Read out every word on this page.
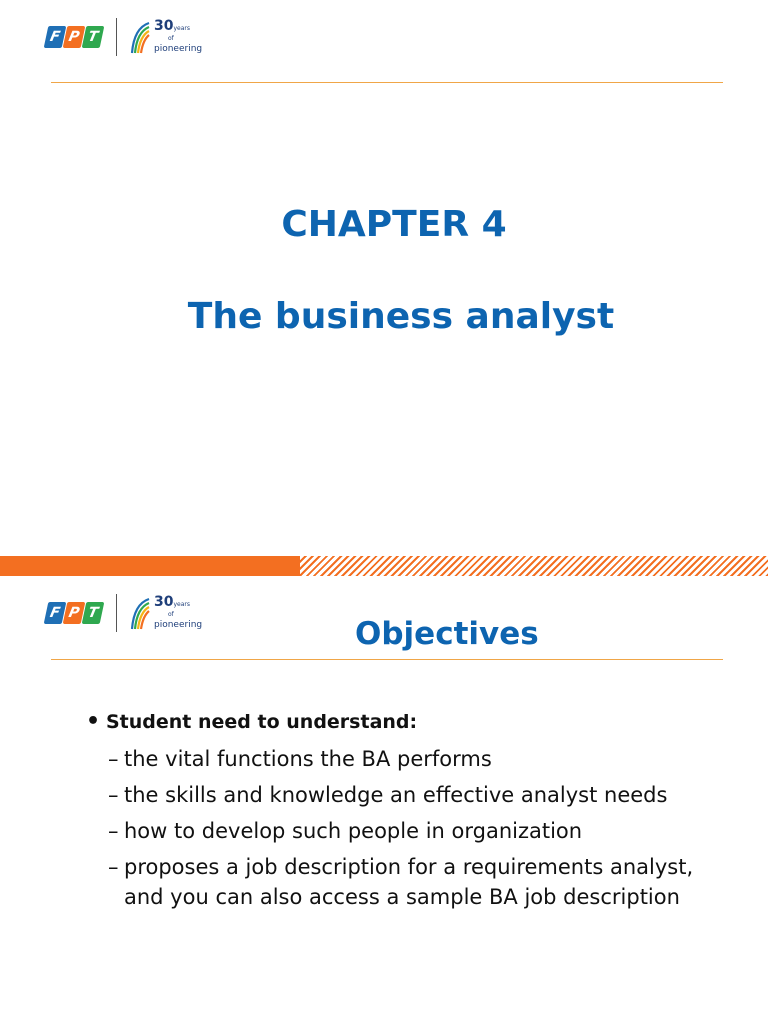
F P T
30years
of
pioneering
CHAPTER 4
The business analyst
F P T
30years
of
pioneering	Objectives
• Student need to understand:
– the vital functions the BA performs
– the skills and knowledge an effective analyst needs
– how to develop such people in organization
– proposes a job description for a requirements analyst, and you can also access a sample BA job description
